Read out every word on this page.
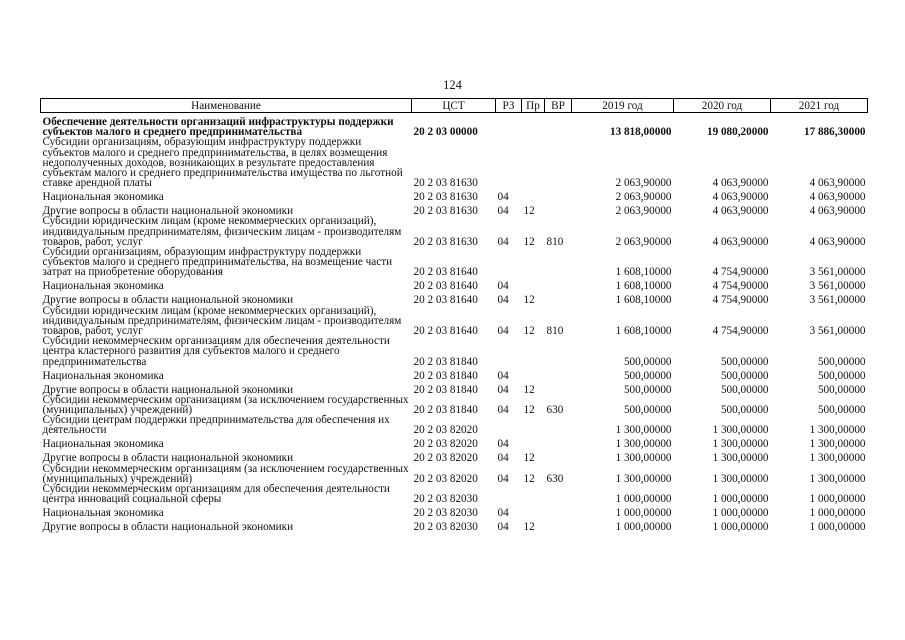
124
Наименование	ЦСТ	РЗ	Пр	ВР	2019 год	2020 год	2021 год
Обеспечение деятельности организаций инфраструктуры поддержки субъектов малого и среднего предпринимательства	20 2 03 00000				13 818,00000	19 080,20000	17 886,30000
Субсидии организациям, образующим инфраструктуру поддержки субъектов малого и среднего предпринимательства, в целях возмещения недополученных доходов, возникающих в результате предоставления субъектам малого и среднего предпринимательства имущества по льготной ставке арендной платы	20 2 03 81630				2 063,90000	4 063,90000	4 063,90000
Национальная экономика	20 2 03 81630	04			2 063,90000	4 063,90000	4 063,90000
Другие вопросы в области национальной экономики	20 2 03 81630	04	12		2 063,90000	4 063,90000	4 063,90000
Субсидии юридическим лицам (кроме некоммерческих организаций), индивидуальным предпринимателям, физическим лицам - производителям товаров, работ, услуг	20 2 03 81630	04	12	810	2 063,90000	4 063,90000	4 063,90000
Субсидии организациям, образующим инфраструктуру поддержки субъектов малого и среднего предпринимательства, на возмещение части затрат на приобретение оборудования	20 2 03 81640				1 608,10000	4 754,90000	3 561,00000
Национальная экономика	20 2 03 81640	04			1 608,10000	4 754,90000	3 561,00000
Другие вопросы в области национальной экономики	20 2 03 81640	04	12		1 608,10000	4 754,90000	3 561,00000
Субсидии юридическим лицам (кроме некоммерческих организаций), индивидуальным предпринимателям, физическим лицам - производителям товаров, работ, услуг	20 2 03 81640	04	12	810	1 608,10000	4 754,90000	3 561,00000
Субсидии некоммерческим организациям для обеспечения деятельности центра кластерного развития для субъектов малого и среднего предпринимательства	20 2 03 81840				500,00000	500,00000	500,00000
Национальная экономика	20 2 03 81840	04			500,00000	500,00000	500,00000
Другие вопросы в области национальной экономики	20 2 03 81840	04	12		500,00000	500,00000	500,00000
Субсидии некоммерческим организациям (за исключением государственных (муниципальных) учреждений)	20 2 03 81840	04	12	630	500,00000	500,00000	500,00000
Субсидии центрам поддержки предпринимательства для обеспечения их деятельности	20 2 03 82020				1 300,00000	1 300,00000	1 300,00000
Национальная экономика	20 2 03 82020	04			1 300,00000	1 300,00000	1 300,00000
Другие вопросы в области национальной экономики	20 2 03 82020	04	12		1 300,00000	1 300,00000	1 300,00000
Субсидии некоммерческим организациям (за исключением государственных (муниципальных) учреждений)	20 2 03 82020	04	12	630	1 300,00000	1 300,00000	1 300,00000
Субсидии некоммерческим организациям для обеспечения деятельности центра инноваций социальной сферы	20 2 03 82030				1 000,00000	1 000,00000	1 000,00000
Национальная экономика	20 2 03 82030	04			1 000,00000	1 000,00000	1 000,00000
Другие вопросы в области национальной экономики	20 2 03 82030	04	12		1 000,00000	1 000,00000	1 000,00000
